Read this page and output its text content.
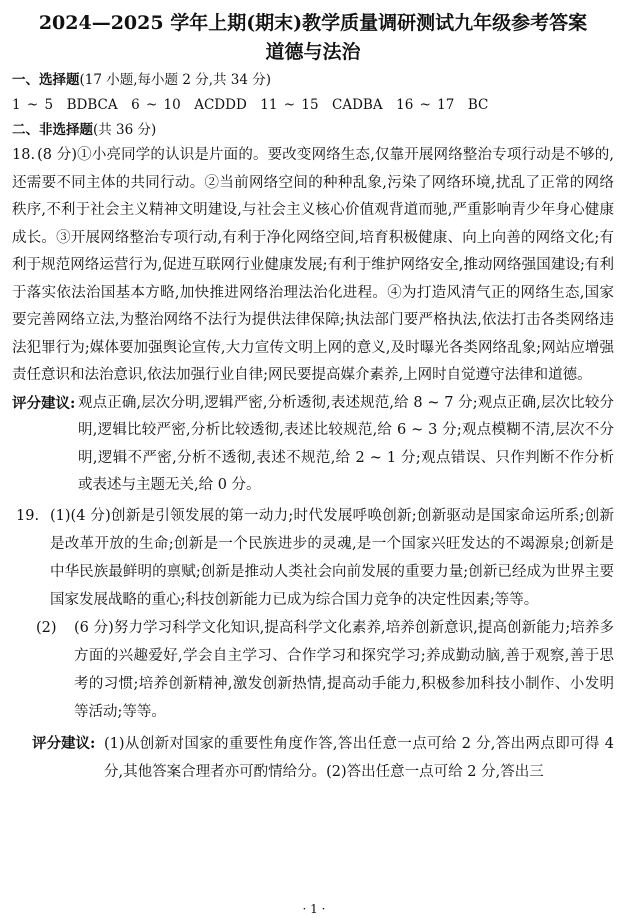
2024—2025 学年上期(期末)教学质量调研测试九年级参考答案
道德与法治
一、选择题(17 小题,每小题 2 分,共 34 分)
1 ~ 5　BDBCA　6 ~ 10　ACDDD　11 ~ 15　CADBA　16 ~ 17　BC
二、非选择题(共 36 分)

18. (8 分)①小亮同学的认识是片面的。要改变网络生态,仅靠开展网络整治专项行动是不够的,还需要不同主体的共同行动。②当前网络空间的种种乱象,污染了网络环境,扰乱了正常的网络秩序,不利于社会主义精神文明建设,与社会主义核心价值观背道而驰,严重影响青少年身心健康成长。③开展网络整治专项行动,有利于净化网络空间,培育积极健康、向上向善的网络文化;有利于规范网络运营行为,促进互联网行业健康发展;有利于维护网络安全,推动网络强国建设;有利于落实依法治国基本方略,加快推进网络治理法治化进程。④为打造风清气正的网络生态,国家要完善网络立法,为整治网络不法行为提供法律保障;执法部门要严格执法,依法打击各类网络违法犯罪行为;媒体要加强舆论宣传,大力宣传文明上网的意义,及时曝光各类网络乱象;网站应增强责任意识和法治意识,依法加强行业自律;网民要提高媒介素养,上网时自觉遵守法律和道德。

评分建议: 观点正确,层次分明,逻辑严密,分析透彻,表述规范,给 8 ~ 7 分;观点正确,层次比较分明,逻辑比较严密,分析比较透彻,表述比较规范,给 6 ~ 3 分;观点模糊不清,层次不分明,逻辑不严密,分析不透彻,表述不规范,给 2 ~ 1 分;观点错误、只作判断不作分析或表述与主题无关,给 0 分。
19. (1)(4 分)创新是引领发展的第一动力;时代发展呼唤创新;创新驱动是国家命运所系;创新是改革开放的生命;创新是一个民族进步的灵魂,是一个国家兴旺发达的不竭源泉;创新是中华民族最鲜明的禀赋;创新是推动人类社会向前发展的重要力量;创新已经成为世界主要国家发展战略的重心;科技创新能力已成为综合国力竞争的决定性因素;等等。
(2)	(6 分)努力学习科学文化知识,提高科学文化素养,培养创新意识,提高创新能力;培养多方面的兴趣爱好,学会自主学习、合作学习和探究学习;养成勤动脑,善于观察,善于思考的习惯;培养创新精神,激发创新热情,提高动手能力,积极参加科技小制作、小发明等活动;等等。
评分建议: (1)从创新对国家的重要性角度作答,答出任意一点可给 2 分,答出两点即可得 4 分,其他答案合理者亦可酌情给分。(2)答出任意一点可给 2 分,答出三
· 1 ·
